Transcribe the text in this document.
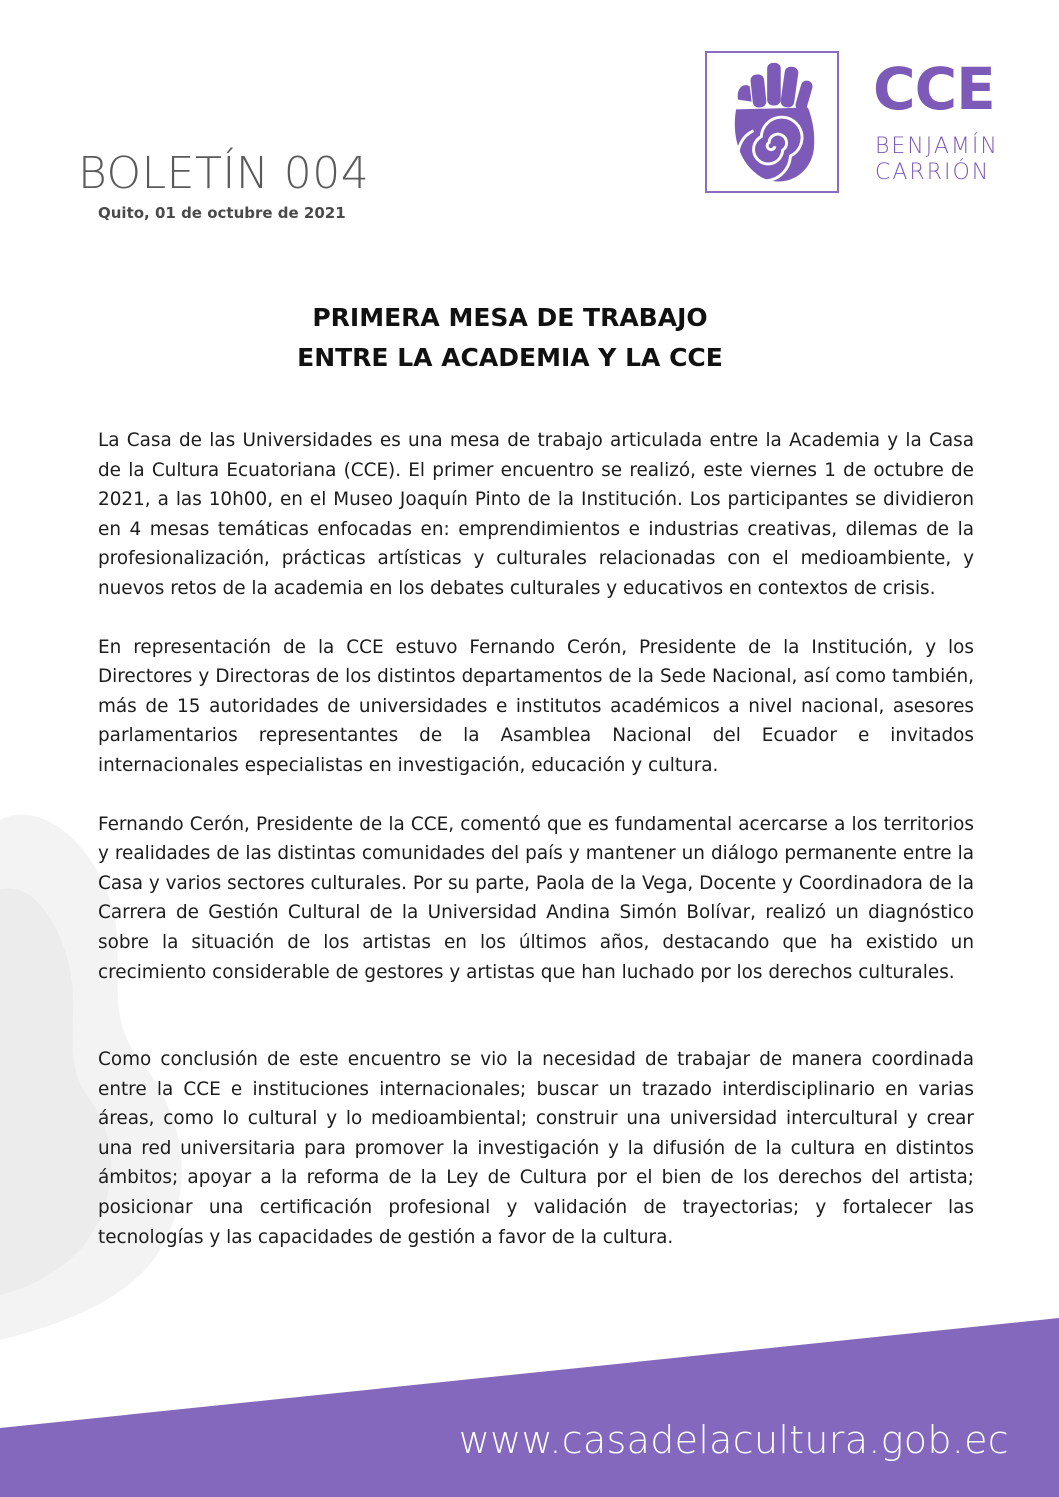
BOLETÍN 004
Quito, 01 de octubre de 2021
CCE
BENJAMÍN
CARRIÓN
PRIMERA MESA DE TRABAJO
ENTRE LA ACADEMIA Y LA CCE

La Casa de las Universidades es una mesa de trabajo articulada entre la Academia y la Casa de la Cultura Ecuatoriana (CCE). El primer encuentro se realizó, este viernes 1 de octubre de 2021, a las 10h00, en el Museo Joaquín Pinto de la Institución. Los participantes se dividieron en 4 mesas temáticas enfocadas en: emprendimientos e industrias creativas, dilemas de la profesionalización, prácticas artísticas y culturales relacionadas con el medioambiente, y nuevos retos de la academia en los debates culturales y educativos en contextos de crisis.

En representación de la CCE estuvo Fernando Cerón, Presidente de la Institución, y los Directores y Directoras de los distintos departamentos de la Sede Nacional, así como también, más de 15 autoridades de universidades e institutos académicos a nivel nacional, asesores parlamentarios representantes de la Asamblea Nacional del Ecuador e invitados internacionales especialistas en investigación, educación y cultura.

Fernando Cerón, Presidente de la CCE, comentó que es fundamental acercarse a los territorios y realidades de las distintas comunidades del país y mantener un diálogo permanente entre la Casa y varios sectores culturales. Por su parte, Paola de la Vega, Docente y Coordinadora de la Carrera de Gestión Cultural de la Universidad Andina Simón Bolívar, realizó un diagnóstico sobre la situación de los artistas en los últimos años, destacando que ha existido un crecimiento considerable de gestores y artistas que han luchado por los derechos culturales.

Como conclusión de este encuentro se vio la necesidad de trabajar de manera coordinada entre la CCE e instituciones internacionales; buscar un trazado interdisciplinario en varias áreas, como lo cultural y lo medioambiental; construir una universidad intercultural y crear una red universitaria para promover la investigación y la difusión de la cultura en distintos ámbitos; apoyar a la reforma de la Ley de Cultura por el bien de los derechos del artista; posicionar una certificación profesional y validación de trayectorias; y fortalecer las tecnologías y las capacidades de gestión a favor de la cultura.

www.casadelacultura.gob.ec
